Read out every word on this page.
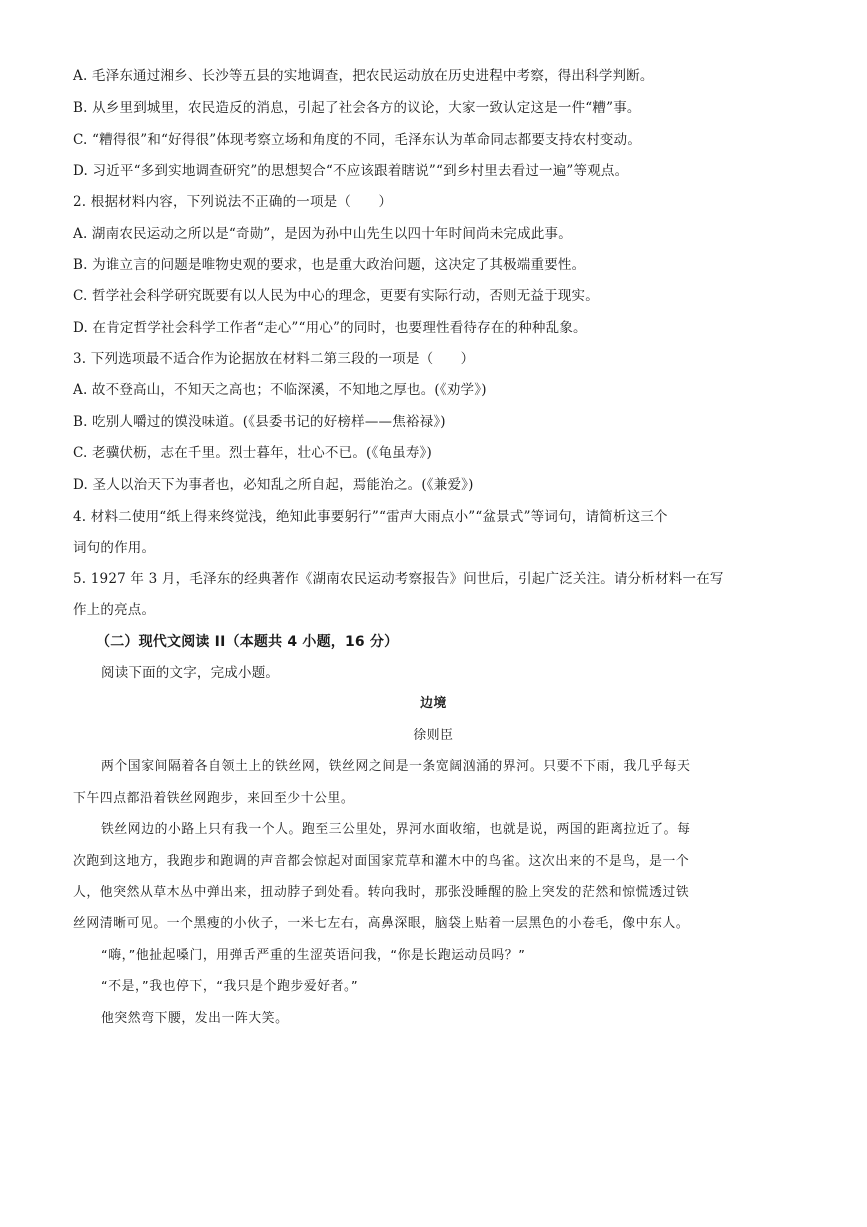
A. 毛泽东通过湘乡、长沙等五县的实地调查，把农民运动放在历史进程中考察，得出科学判断。
B. 从乡里到城里，农民造反的消息，引起了社会各方的议论，大家一致认定这是一件“糟”事。
C. “糟得很”和“好得很”体现考察立场和角度的不同，毛泽东认为革命同志都要支持农村变动。
D. 习近平“多到实地调查研究”的思想契合“不应该跟着瞎说”“到乡村里去看过一遍”等观点。
2. 根据材料内容，下列说法不正确的一项是（　　）
A. 湖南农民运动之所以是“奇勋”，是因为孙中山先生以四十年时间尚未完成此事。
B. 为谁立言的问题是唯物史观的要求，也是重大政治问题，这决定了其极端重要性。
C. 哲学社会科学研究既要有以人民为中心的理念，更要有实际行动，否则无益于现实。
D. 在肯定哲学社会科学工作者“走心”“用心”的同时，也要理性看待存在的种种乱象。
3. 下列选项最不适合作为论据放在材料二第三段的一项是（　　）
A. 故不登高山，不知天之高也；不临深溪，不知地之厚也。(《劝学》)
B. 吃别人嚼过的馍没味道。(《县委书记的好榜样——焦裕禄》)
C. 老骥伏枥，志在千里。烈士暮年，壮心不已。(《龟虽寿》)
D. 圣人以治天下为事者也，必知乱之所自起，焉能治之。(《兼爱》)
4. 材料二使用“纸上得来终觉浅，绝知此事要躬行”“雷声大雨点小”“盆景式”等词句，请简析这三个
词句的作用。
5. 1927 年 3 月，毛泽东的经典著作《湖南农民运动考察报告》问世后，引起广泛关注。请分析材料一在写
作上的亮点。
（二）现代文阅读 II（本题共 4 小题，16 分）
阅读下面的文字，完成小题。
边境
徐则臣
两个国家间隔着各自领土上的铁丝网，铁丝网之间是一条宽阔汹涌的界河。只要不下雨，我几乎每天
下午四点都沿着铁丝网跑步，来回至少十公里。
铁丝网边的小路上只有我一个人。跑至三公里处，界河水面收缩，也就是说，两国的距离拉近了。每
次跑到这地方，我跑步和跑调的声音都会惊起对面国家荒草和灌木中的鸟雀。这次出来的不是鸟，是一个
人，他突然从草木丛中弹出来，扭动脖子到处看。转向我时，那张没睡醒的脸上突发的茫然和惊慌透过铁
丝网清晰可见。一个黑瘦的小伙子，一米七左右，高鼻深眼，脑袋上贴着一层黑色的小卷毛，像中东人。
“嗨，”他扯起嗓门，用弹舌严重的生涩英语问我，“你是长跑运动员吗？”
“不是，”我也停下，“我只是个跑步爱好者。”
他突然弯下腰，发出一阵大笑。
